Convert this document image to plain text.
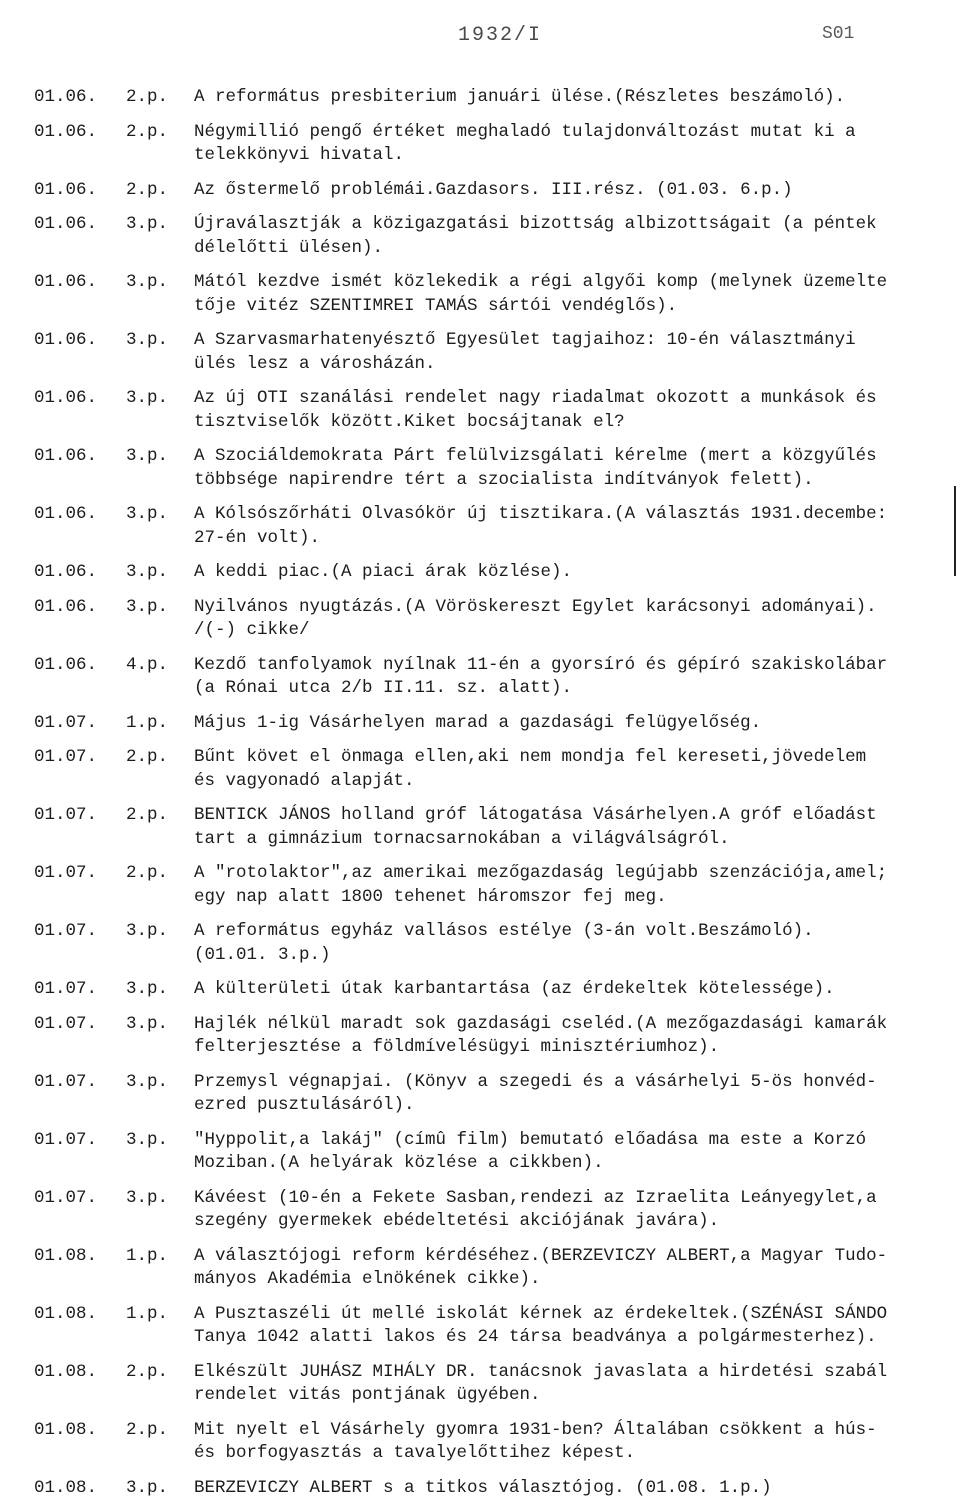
1932/I	S01
01.06. 2.p. A református presbiterium januári ülése.(Részletes beszámoló).
01.06. 2.p. Négymillió pengő értéket meghaladó tulajdonváltozást mutat ki a
telekkönyvi hivatal.
01.06. 2.p. Az őstermelő problémái.Gazdasors. III.rész. (01.03. 6.p.)
01.06. 3.p. Újraválasztják a közigazgatási bizottság albizottságait (a péntek
délelőtti ülésen).
01.06. 3.p. Mától kezdve ismét közlekedik a régi algyői komp (melynek üzemelte
tője vitéz SZENTIMREI TAMÁS sártói vendéglős).
01.06. 3.p. A Szarvasmarhatenyésztő Egyesület tagjaihoz: 10-én választmányi
ülés lesz a városházán.
01.06. 3.p. Az új OTI szanálási rendelet nagy riadalmat okozott a munkások és
tisztviselők között.Kiket bocsájtanak el?
01.06. 3.p. A Szociáldemokrata Párt felülvizsgálati kérelme (mert a közgyűlés
többsége napirendre tért a szocialista indítványok felett).
01.06. 3.p. A Kólsószőrháti Olvasókör új tisztikara.(A választás 1931.decembe:
27-én volt).
01.06. 3.p. A keddi piac.(A piaci árak közlése).
01.06. 3.p. Nyilvános nyugtázás.(A Vöröskereszt Egylet karácsonyi adományai).
/(-) cikke/
01.06. 4.p. Kezdő tanfolyamok nyílnak 11-én a gyorsíró és gépíró szakiskolábar
(a Rónai utca 2/b II.11. sz. alatt).
01.07. 1.p. Május 1-ig Vásárhelyen marad a gazdasági felügyelőség.
01.07. 2.p. Bűnt követ el önmaga ellen,aki nem mondja fel kereseti,jövedelem
és vagyonadó alapját.
01.07. 2.p. BENTICK JÁNOS holland gróf látogatása Vásárhelyen.A gróf előadást
tart a gimnázium tornacsarnokában a világválságról.
01.07. 2.p. A "rotolaktor",az amerikai mezőgazdaság legújabb szenzációja,amel;
egy nap alatt 1800 tehenet háromszor fej meg.
01.07. 3.p. A református egyház vallásos estélye (3-án volt.Beszámoló).
(01.01. 3.p.)
01.07. 3.p. A külterületi útak karbantartása (az érdekeltek kötelessége).
01.07. 3.p. Hajlék nélkül maradt sok gazdasági cseléd.(A mezőgazdasági kamarák
felterjesztése a földmívelésügyi minisztériumhoz).
01.07. 3.p. Przemysl végnapjai. (Könyv a szegedi és a vásárhelyi 5-ös honvéd-
ezred pusztulásáról).
01.07. 3.p. "Hyppolit,a lakáj" (címû film) bemutató előadása ma este a Korzó
Moziban.(A helyárak közlése a cikkben).
01.07. 3.p. Kávéest (10-én a Fekete Sasban,rendezi az Izraelita Leányegylet,a
szegény gyermekek ebédeltetési akciójának javára).
01.08. 1.p. A választójogi reform kérdéséhez.(BERZEVICZY ALBERT,a Magyar Tudo-
mányos Akadémia elnökének cikke).
01.08. 1.p. A Pusztaszéli út mellé iskolát kérnek az érdekeltek.(SZÉNÁSI SÁNDO
Tanya 1042 alatti lakos és 24 társa beadványa a polgármesterhez).
01.08. 2.p. Elkészült JUHÁSZ MIHÁLY DR. tanácsnok javaslata a hirdetési szabál
rendelet vitás pontjának ügyében.
01.08. 2.p. Mit nyelt el Vásárhely gyomra 1931-ben? Általában csökkent a hús-
és borfogyasztás a tavalyelőttihez képest.
01.08. 3.p. BERZEVICZY ALBERT s a titkos választójog. (01.08. 1.p.)
